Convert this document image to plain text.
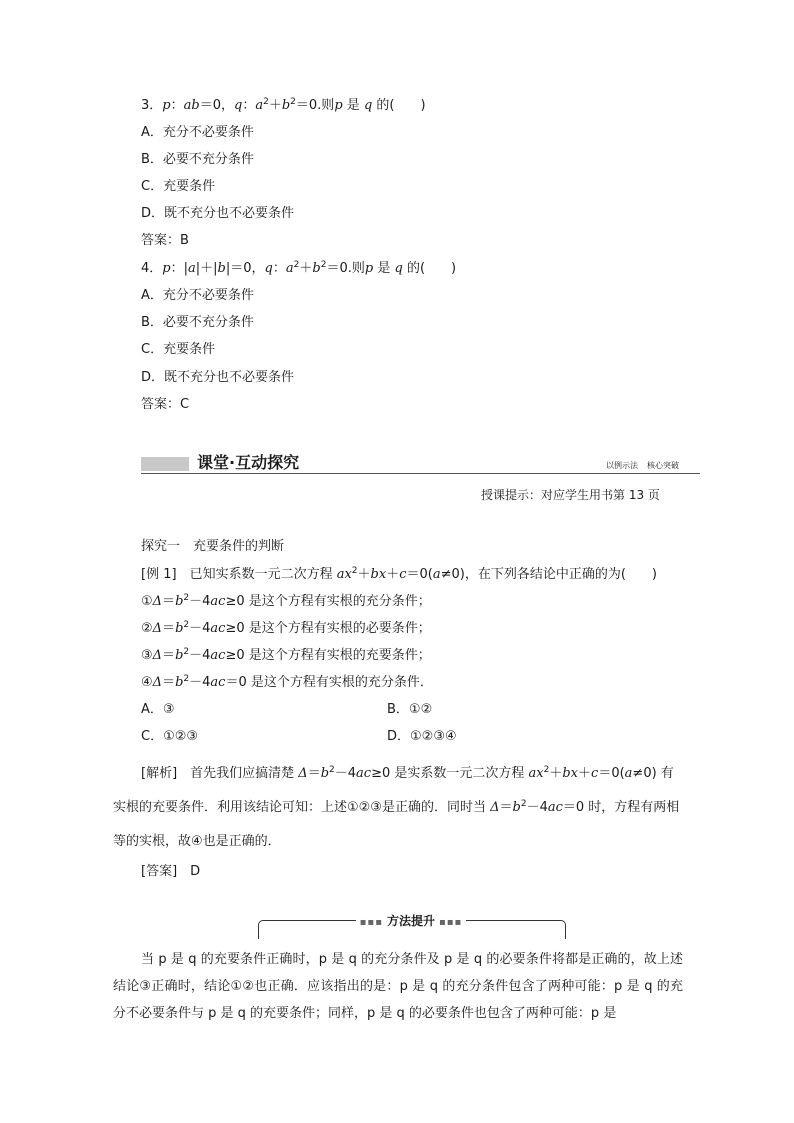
3．p：ab＝0，q：$a^2+b^2=0$.则p 是 q 的(　　)
A．充分不必要条件
B．必要不充分条件
C．充要条件
D．既不充分也不必要条件
答案：B
4．p：|a|＋|b|＝0，q：$a^2+b^2=0$.则p 是 q 的(　　)
A．充分不必要条件
B．必要不充分条件
C．充要条件
D．既不充分也不必要条件
答案：C
课堂·互动探究	以例示法 核心突破
授课提示：对应学生用书第 13 页
探究一　充要条件的判断
[例 1]　已知实系数一元二次方程 $ax^2+bx+c=0(a\ne 0)$，在下列各结论中正确的为(　　)
$①\Delta=b^2-4ac\ge 0$ 是这个方程有实根的充分条件；
$②\Delta=b^2-4ac\ge 0$ 是这个方程有实根的必要条件；
$③\Delta=b^2-4ac\ge 0$ 是这个方程有实根的充要条件；
$④\Delta=b^2-4ac=0$ 是这个方程有实根的充分条件．
A．③	B．①②
C．①②③	D．①②③④
[解析]　首先我们应搞清楚 $\Delta=b^2-4ac\ge 0$ 是实系数一元二次方程 $ax^2+bx+c=0(a\ne 0)$ 有实根的充要条件．利用该结论可知：上述①②③是正确的．同时当 $\Delta=b^2-4ac=0$ 时，方程有两相等的实根，故④也是正确的．
[答案]　D
▪▪▪ 方法提升 ▪▪▪
当 p 是 q 的充要条件正确时，p 是 q 的充分条件及 p 是 q 的必要条件将都是正确的，故上述结论③正确时，结论①②也正确．应该指出的是：p 是 q 的充分条件包含了两种可能：p 是 q 的充分不必要条件与 p 是 q 的充要条件；同样，p 是 q 的必要条件也包含了两种可能：p 是
